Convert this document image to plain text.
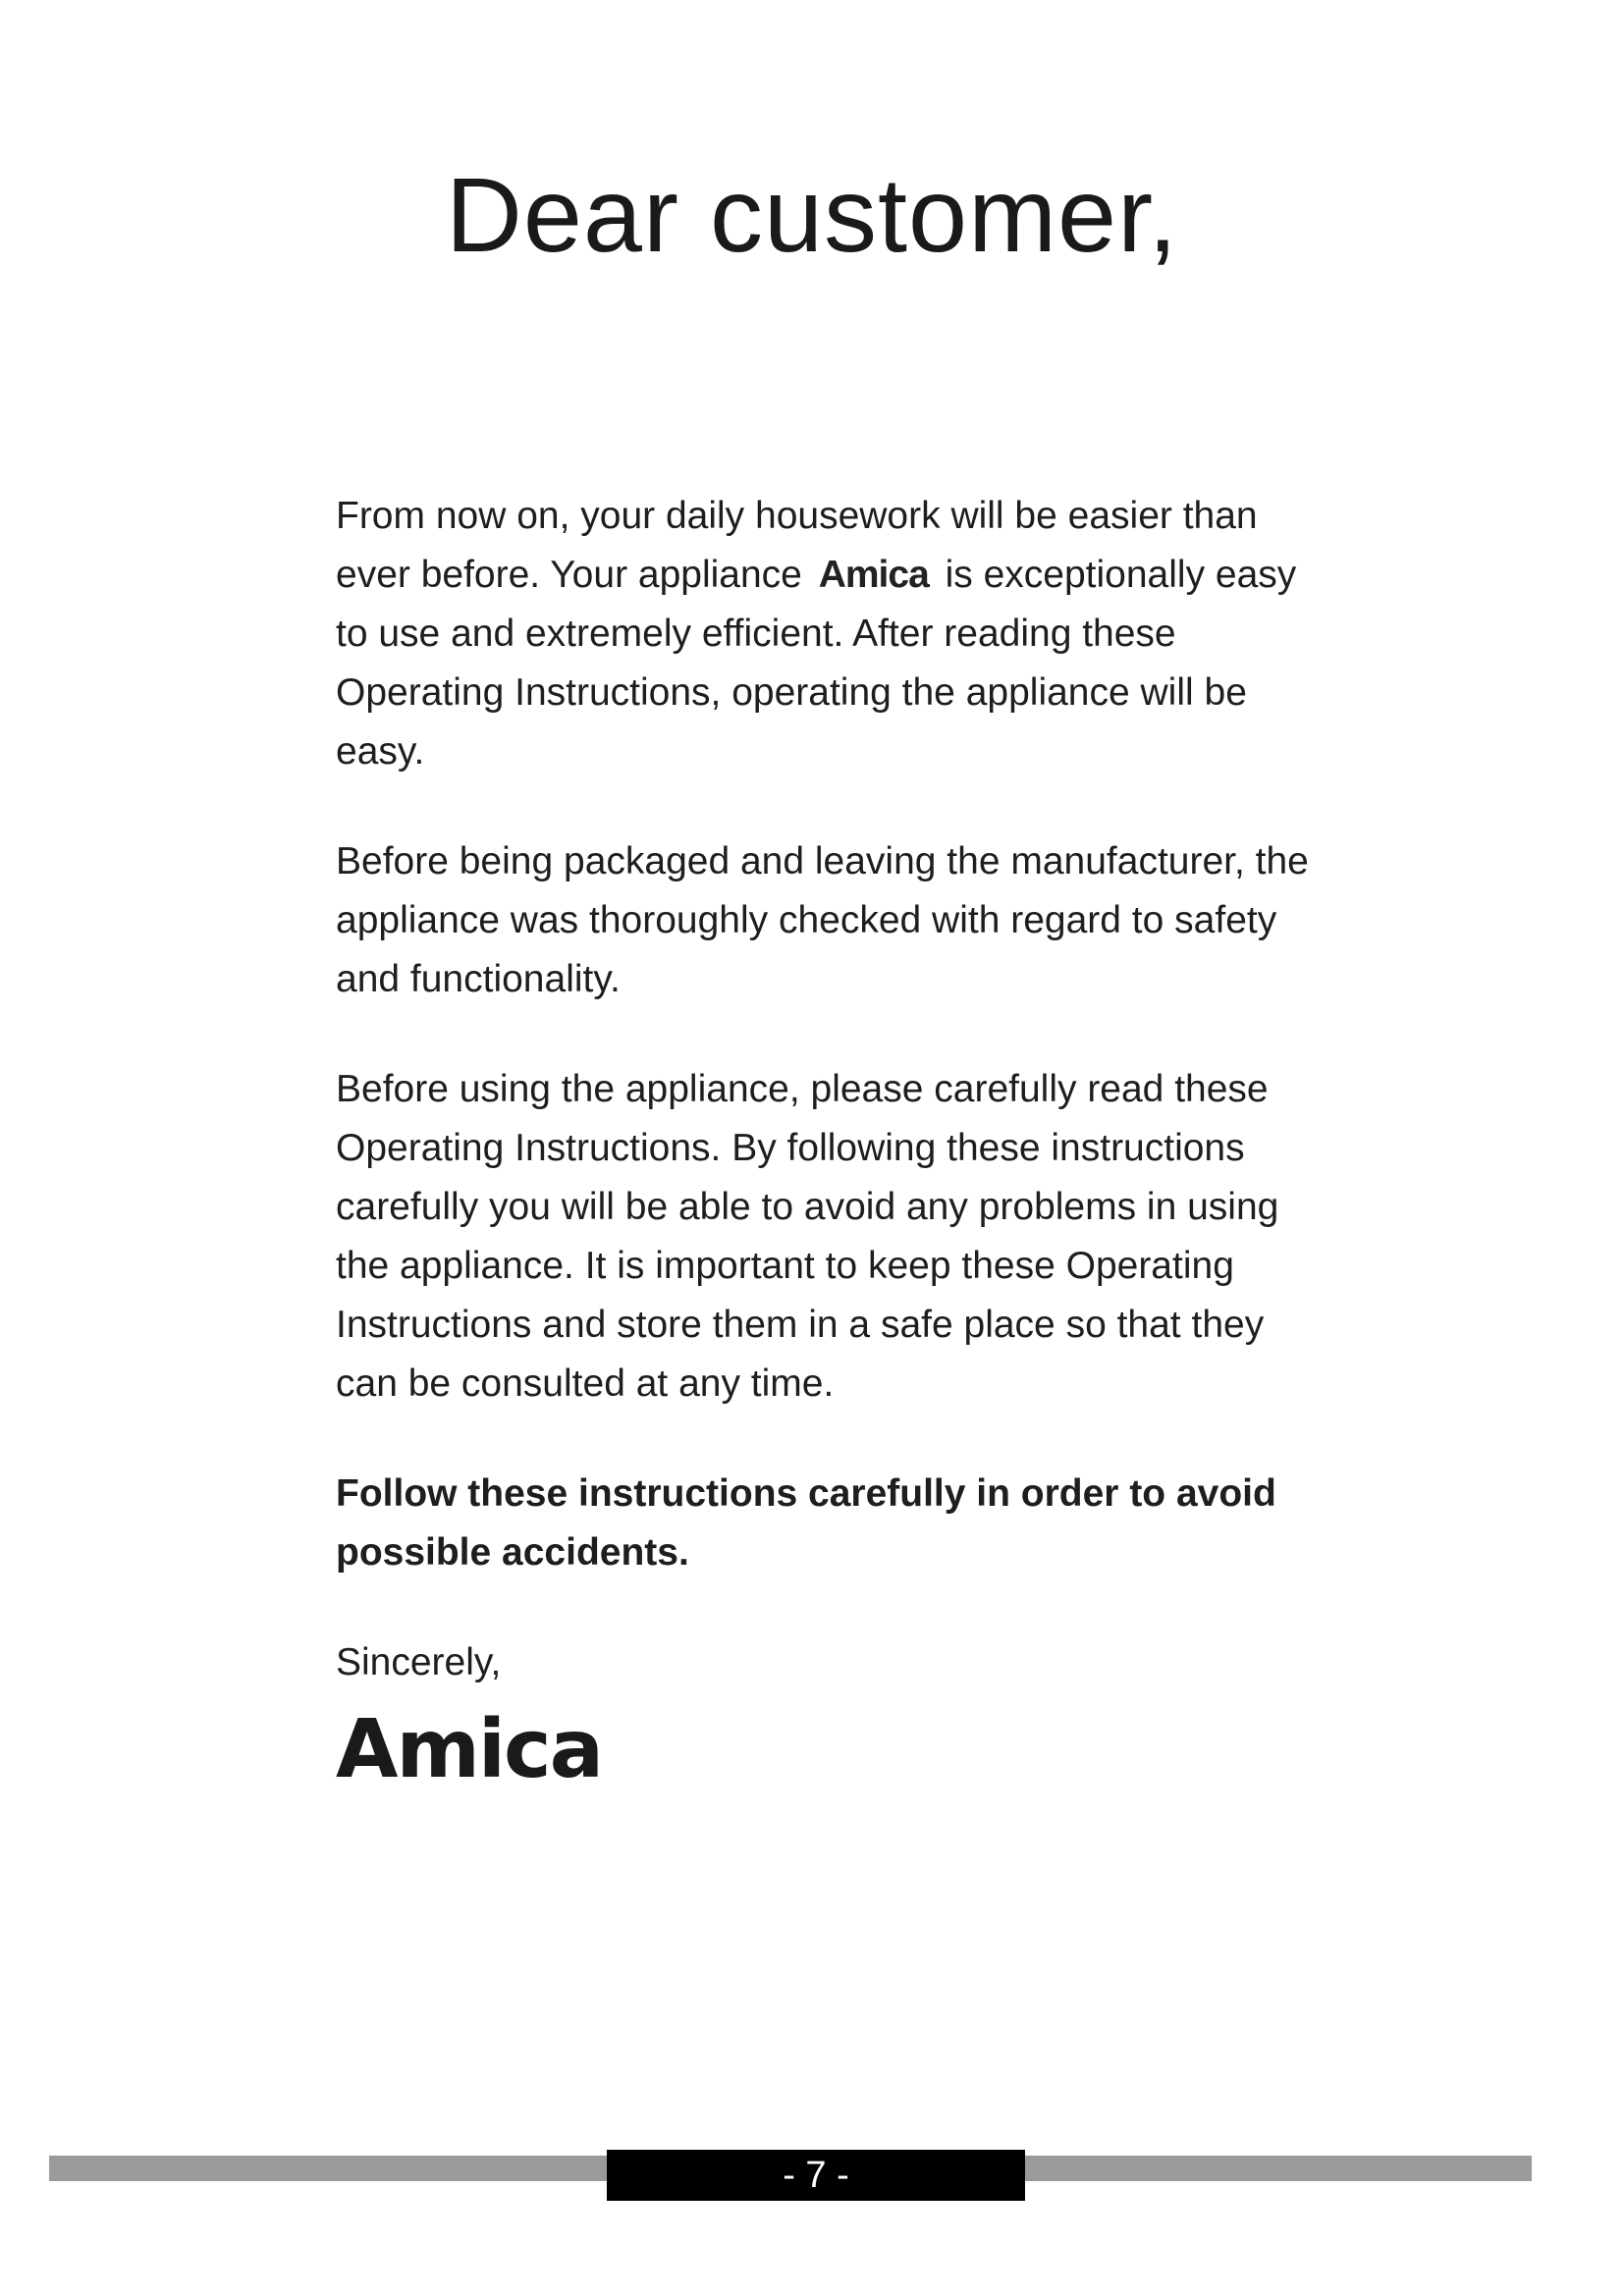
Dear customer,

From now on, your daily housework will be easier than ever before. Your appliance Amica is exceptionally easy to use and extremely efficient. After reading these Operating Instructions, operating the appliance will be easy.

Before being packaged and leaving the manufacturer, the appliance was thoroughly checked with regard to safety and functionality.

Before using the appliance, please carefully read these Operating Instructions. By following these instructions carefully you will be able to avoid any problems in using the appliance. It is important to keep these Operating Instructions and store them in a safe place so that they can be consulted at any time.

Follow these instructions carefully in order to avoid possible accidents.

Sincerely,

Amica
- 7 -
